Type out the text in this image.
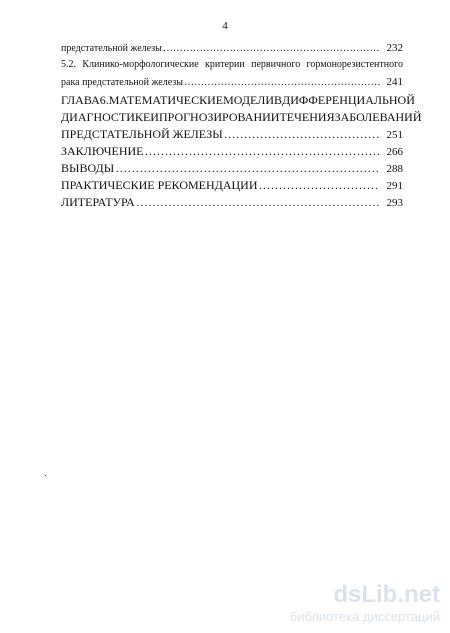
4
предстательной железы ……………………………………………………………………………………………………………………………………	232
5.2. Клинико-морфологические критерии первичного гормонорезистентного
рака предстательной железы ……………………………………………………………………………………………………………………………………	241
ГЛАВА 6. МАТЕМАТИЧЕСКИЕ МОДЕЛИ В ДИФФЕРЕНЦИАЛЬНОЙ
ДИАГНОСТИКЕ И ПРОГНОЗИРОВАНИИ ТЕЧЕНИЯ ЗАБОЛЕВАНИЙ
ПРЕДСТАТЕЛЬНОЙ ЖЕЛЕЗЫ ……………………………………………………………………………………………………………………………………	251
ЗАКЛЮЧЕНИЕ ……………………………………………………………………………………………………………………………………	266
ВЫВОДЫ ……………………………………………………………………………………………………………………………………	288
ПРАКТИЧЕСКИЕ РЕКОМЕНДАЦИИ ……………………………………………………………………………………………………………………………………	291
ЛИТЕРАТУРА ……………………………………………………………………………………………………………………………………	293
ˏ
dsLib.net
библиотека диссертаций
